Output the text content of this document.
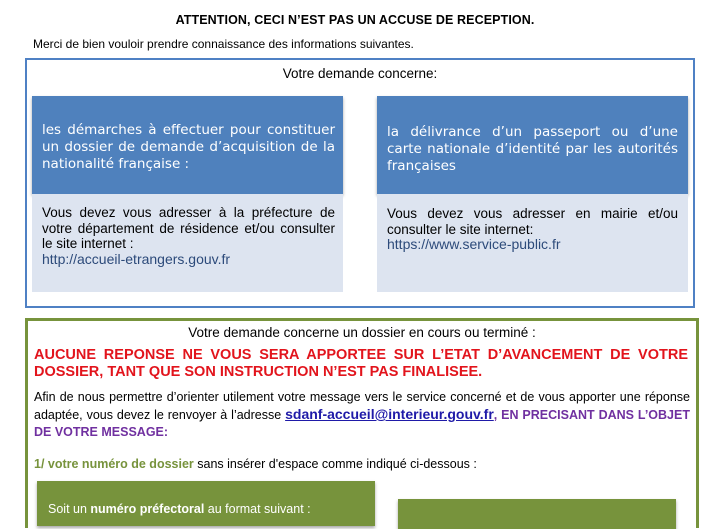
ATTENTION, CECI N’EST PAS UN ACCUSE DE RECEPTION.
Merci de bien vouloir prendre connaissance des informations suivantes.
Votre demande concerne:
les démarches à effectuer pour constituer un dossier de demande d’acquisition de la nationalité française :
Vous devez vous adresser à la préfecture de votre département de résidence et/ou consulter le site internet :
http://accueil-etrangers.gouv.fr
la délivrance d’un passeport ou d’une carte nationale d’identité par les autorités françaises
Vous devez vous adresser en mairie et/ou consulter le site internet:
https://www.service-public.fr
Votre demande concerne un dossier en cours ou terminé :
AUCUNE REPONSE NE VOUS SERA APPORTEE SUR L’ETAT D’AVANCEMENT DE VOTRE DOSSIER, TANT QUE SON INSTRUCTION N’EST PAS FINALISEE.
Afin de nous permettre d’orienter utilement votre message vers le service concerné et de vous apporter une réponse adaptée, vous devez le renvoyer à l’adresse sdanf-accueil@interieur.gouv.fr, EN PRECISANT DANS L’OBJET DE VOTRE MESSAGE:
1/ votre numéro de dossier sans insérer d'espace comme indiqué ci-dessous :
Soit un numéro préfectoral au format suivant :
